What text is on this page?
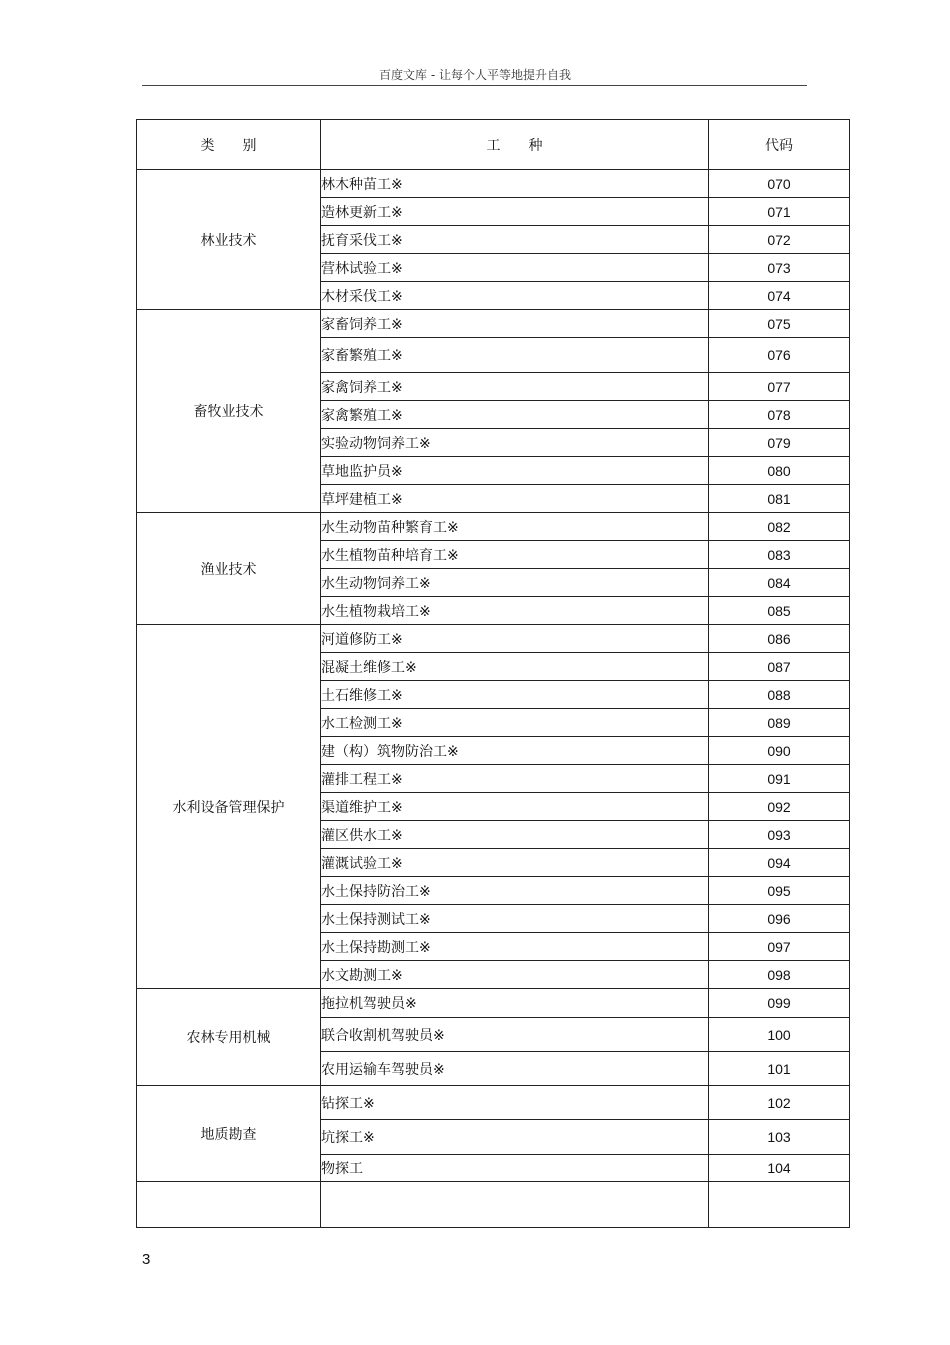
百度文库 - 让每个人平等地提升自我
类　　别	工　　种	代码
林业技术	林木种苗工※	070
	造林更新工※	071
	抚育采伐工※	072
	营林试验工※	073
	木材采伐工※	074
畜牧业技术	家畜饲养工※	075
	家畜繁殖工※	076
	家禽饲养工※	077
	家禽繁殖工※	078
	实验动物饲养工※	079
	草地监护员※	080
	草坪建植工※	081
渔业技术	水生动物苗种繁育工※	082
	水生植物苗种培育工※	083
	水生动物饲养工※	084
	水生植物栽培工※	085
水利设备管理保护	河道修防工※	086
	混凝土维修工※	087
	土石维修工※	088
	水工检测工※	089
	建（构）筑物防治工※	090
	灌排工程工※	091
	渠道维护工※	092
	灌区供水工※	093
	灌溉试验工※	094
	水土保持防治工※	095
	水土保持测试工※	096
	水土保持勘测工※	097
	水文勘测工※	098
农林专用机械	拖拉机驾驶员※	099
	联合收割机驾驶员※	100
	农用运输车驾驶员※	101
地质勘查	钻探工※	102
	坑探工※	103
	物探工	104

3
